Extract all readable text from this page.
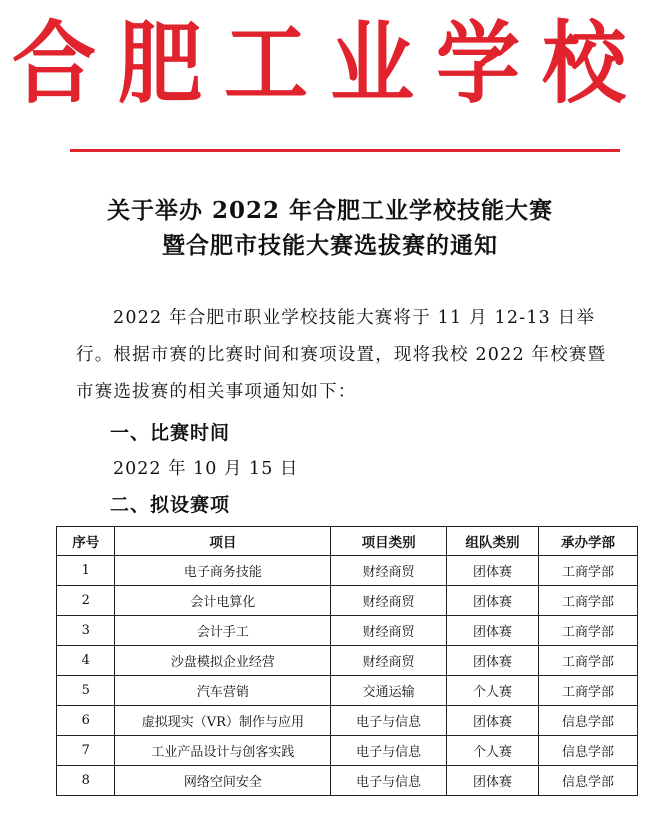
合肥工业学校
关于举办 2022 年合肥工业学校技能大赛
暨合肥市技能大赛选拔赛的通知
2022 年合肥市职业学校技能大赛将于 11 月 12-13 日举行。根据市赛的比赛时间和赛项设置，现将我校 2022 年校赛暨市赛选拔赛的相关事项通知如下：
一、比赛时间
2022 年 10 月 15 日
二、拟设赛项
序号	项目	项目类别	组队类别	承办学部
1	电子商务技能	财经商贸	团体赛	工商学部
2	会计电算化	财经商贸	团体赛	工商学部
3	会计手工	财经商贸	团体赛	工商学部
4	沙盘模拟企业经营	财经商贸	团体赛	工商学部
5	汽车营销	交通运输	个人赛	工商学部
6	虚拟现实（VR）制作与应用	电子与信息	团体赛	信息学部
7	工业产品设计与创客实践	电子与信息	个人赛	信息学部
8	网络空间安全	电子与信息	团体赛	信息学部
